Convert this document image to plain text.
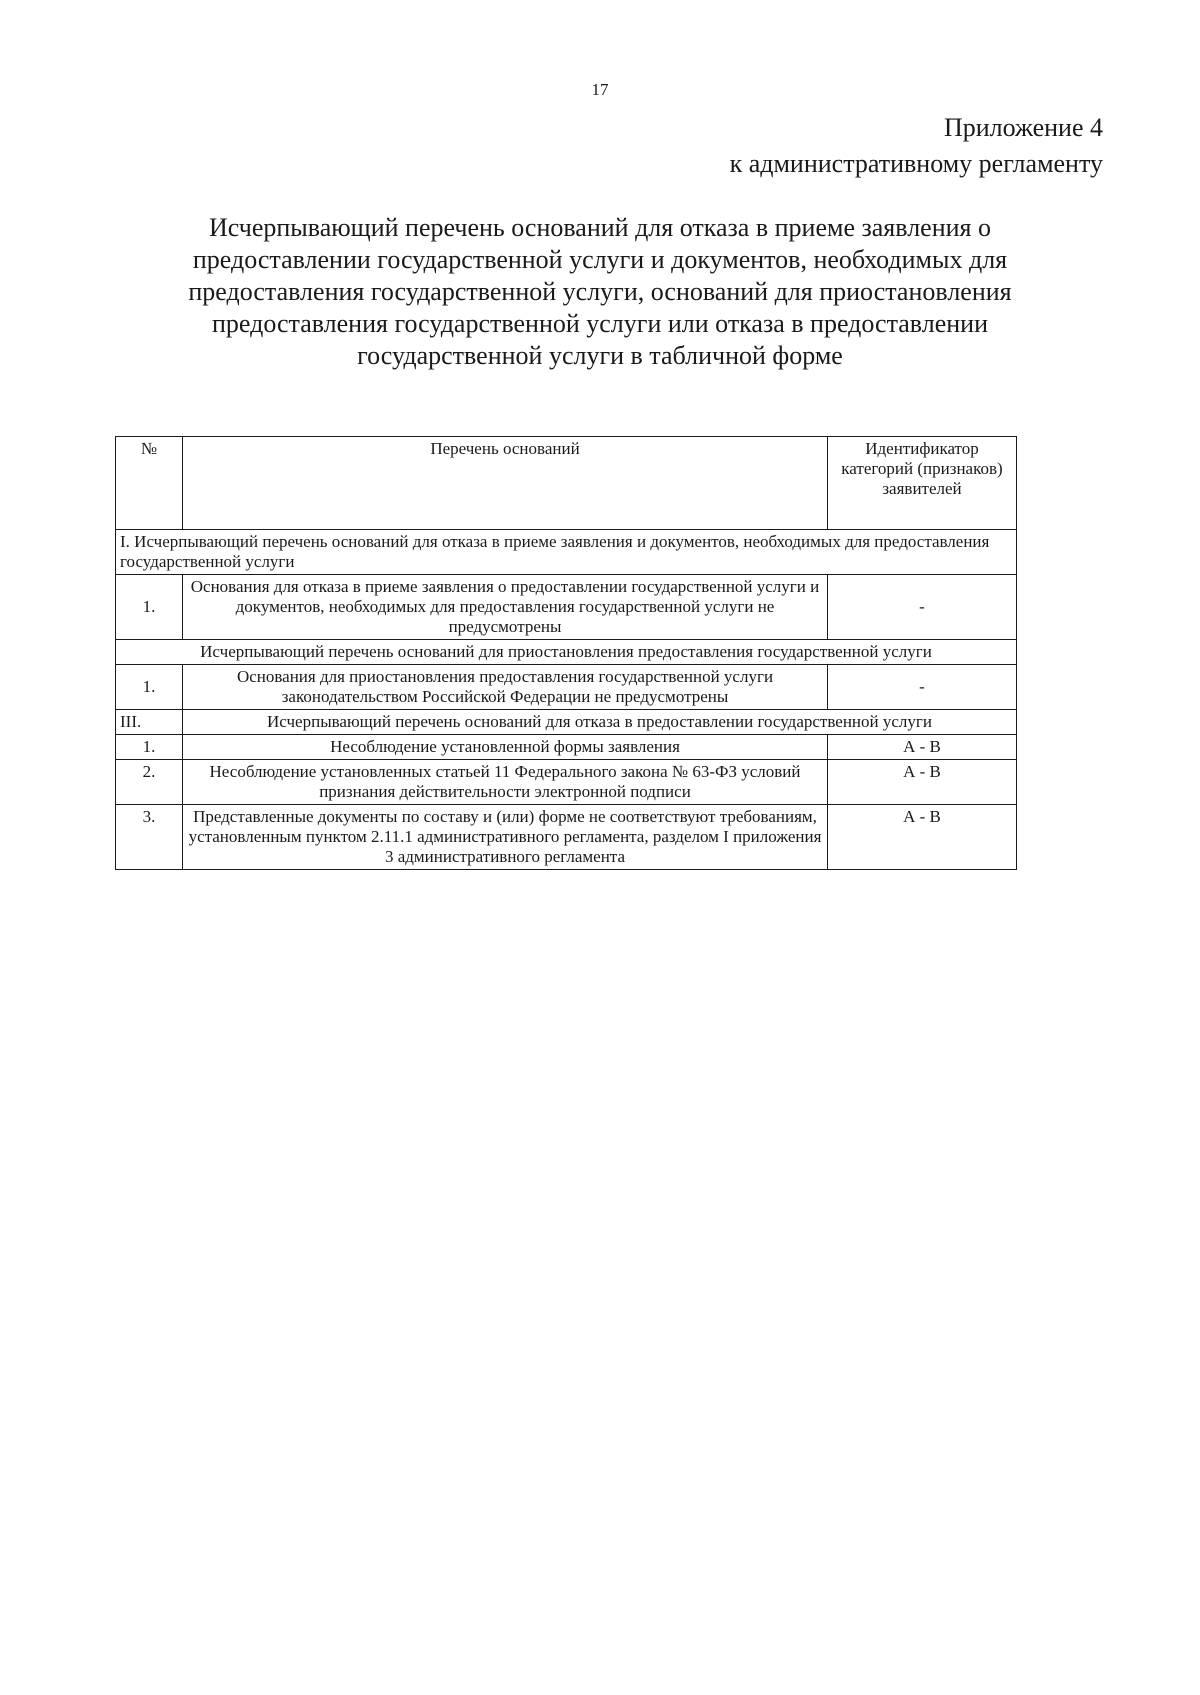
17
Приложение 4
к административному регламенту
Исчерпывающий перечень оснований для отказа в приеме заявления о предоставлении государственной услуги и документов, необходимых для предоставления государственной услуги, оснований для приостановления предоставления государственной услуги или отказа в предоставлении государственной услуги в табличной форме
№	Перечень оснований	Идентификатор категорий (признаков) заявителей
I. Исчерпывающий перечень оснований для отказа в приеме заявления и документов, необходимых для предоставления государственной услуги		
1.	Основания для отказа в приеме заявления о предоставлении государственной услуги и документов, необходимых для предоставления государственной услуги не предусмотрены	-
Исчерпывающий перечень оснований для приостановления предоставления государственной услуги		
1.	Основания для приостановления предоставления государственной услуги законодательством Российской Федерации не предусмотрены	-
III.	Исчерпывающий перечень оснований для отказа в предоставлении государственной услуги	
1.	Несоблюдение установленной формы заявления	А - В
2.	Несоблюдение установленных статьей 11 Федерального закона № 63-ФЗ условий признания действительности электронной подписи	А - В
3.	Представленные документы по составу и (или) форме не соответствуют требованиям, установленным пунктом 2.11.1 административного регламента, разделом I приложения 3 административного регламента	А - В
